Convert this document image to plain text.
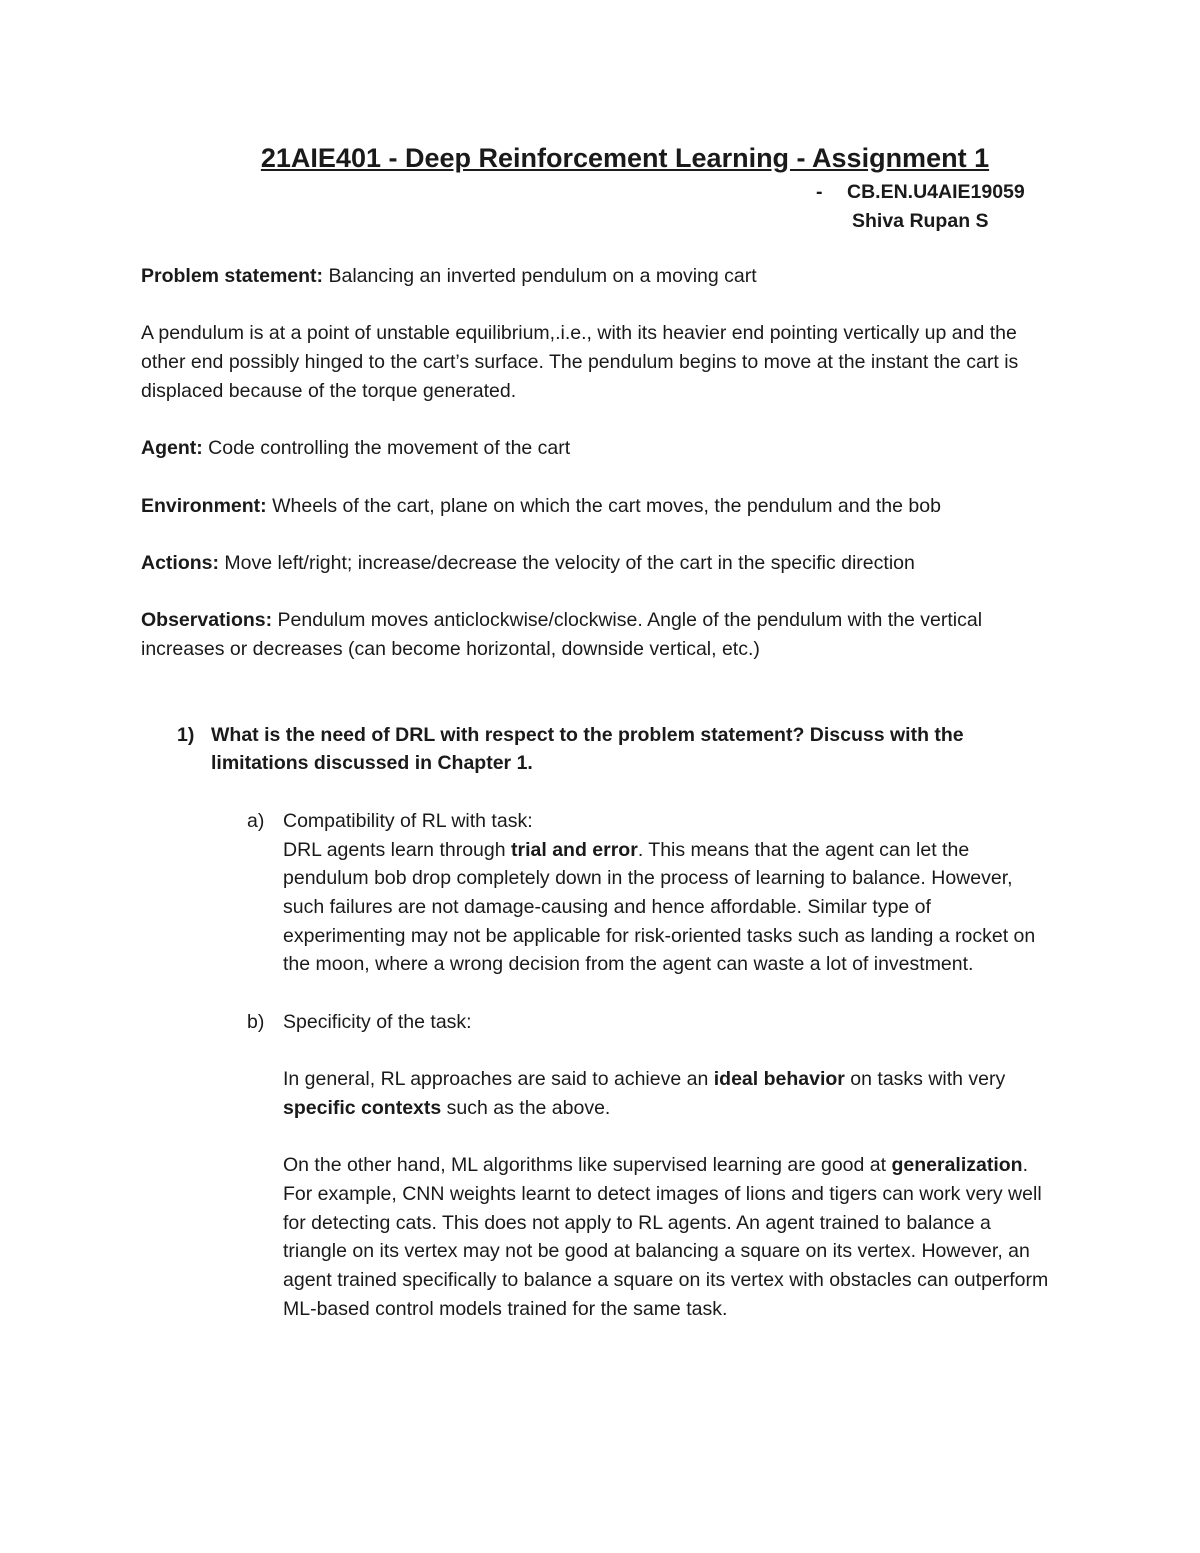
21AIE401 - Deep Reinforcement Learning - Assignment 1
- CB.EN.U4AIE19059
Shiva Rupan S

Problem statement: Balancing an inverted pendulum on a moving cart

A pendulum is at a point of unstable equilibrium,.i.e., with its heavier end pointing vertically up and the other end possibly hinged to the cart’s surface. The pendulum begins to move at the instant the cart is displaced because of the torque generated.

Agent: Code controlling the movement of the cart

Environment: Wheels of the cart, plane on which the cart moves, the pendulum and the bob

Actions: Move left/right; increase/decrease the velocity of the cart in the specific direction

Observations: Pendulum moves anticlockwise/clockwise. Angle of the pendulum with the vertical increases or decreases (can become horizontal, downside vertical, etc.)

1) What is the need of DRL with respect to the problem statement? Discuss with the limitations discussed in Chapter 1.
a) Compatibility of RL with task:

DRL agents learn through trial and error. This means that the agent can let the pendulum bob drop completely down in the process of learning to balance. However, such failures are not damage-causing and hence affordable. Similar type of experimenting may not be applicable for risk-oriented tasks such as landing a rocket on the moon, where a wrong decision from the agent can waste a lot of investment.

b) Specificity of the task:

In general, RL approaches are said to achieve an ideal behavior on tasks with very specific contexts such as the above.

On the other hand, ML algorithms like supervised learning are good at generalization. For example, CNN weights learnt to detect images of lions and tigers can work very well for detecting cats. This does not apply to RL agents. An agent trained to balance a triangle on its vertex may not be good at balancing a square on its vertex. However, an agent trained specifically to balance a square on its vertex with obstacles can outperform ML-based control models trained for the same task.
